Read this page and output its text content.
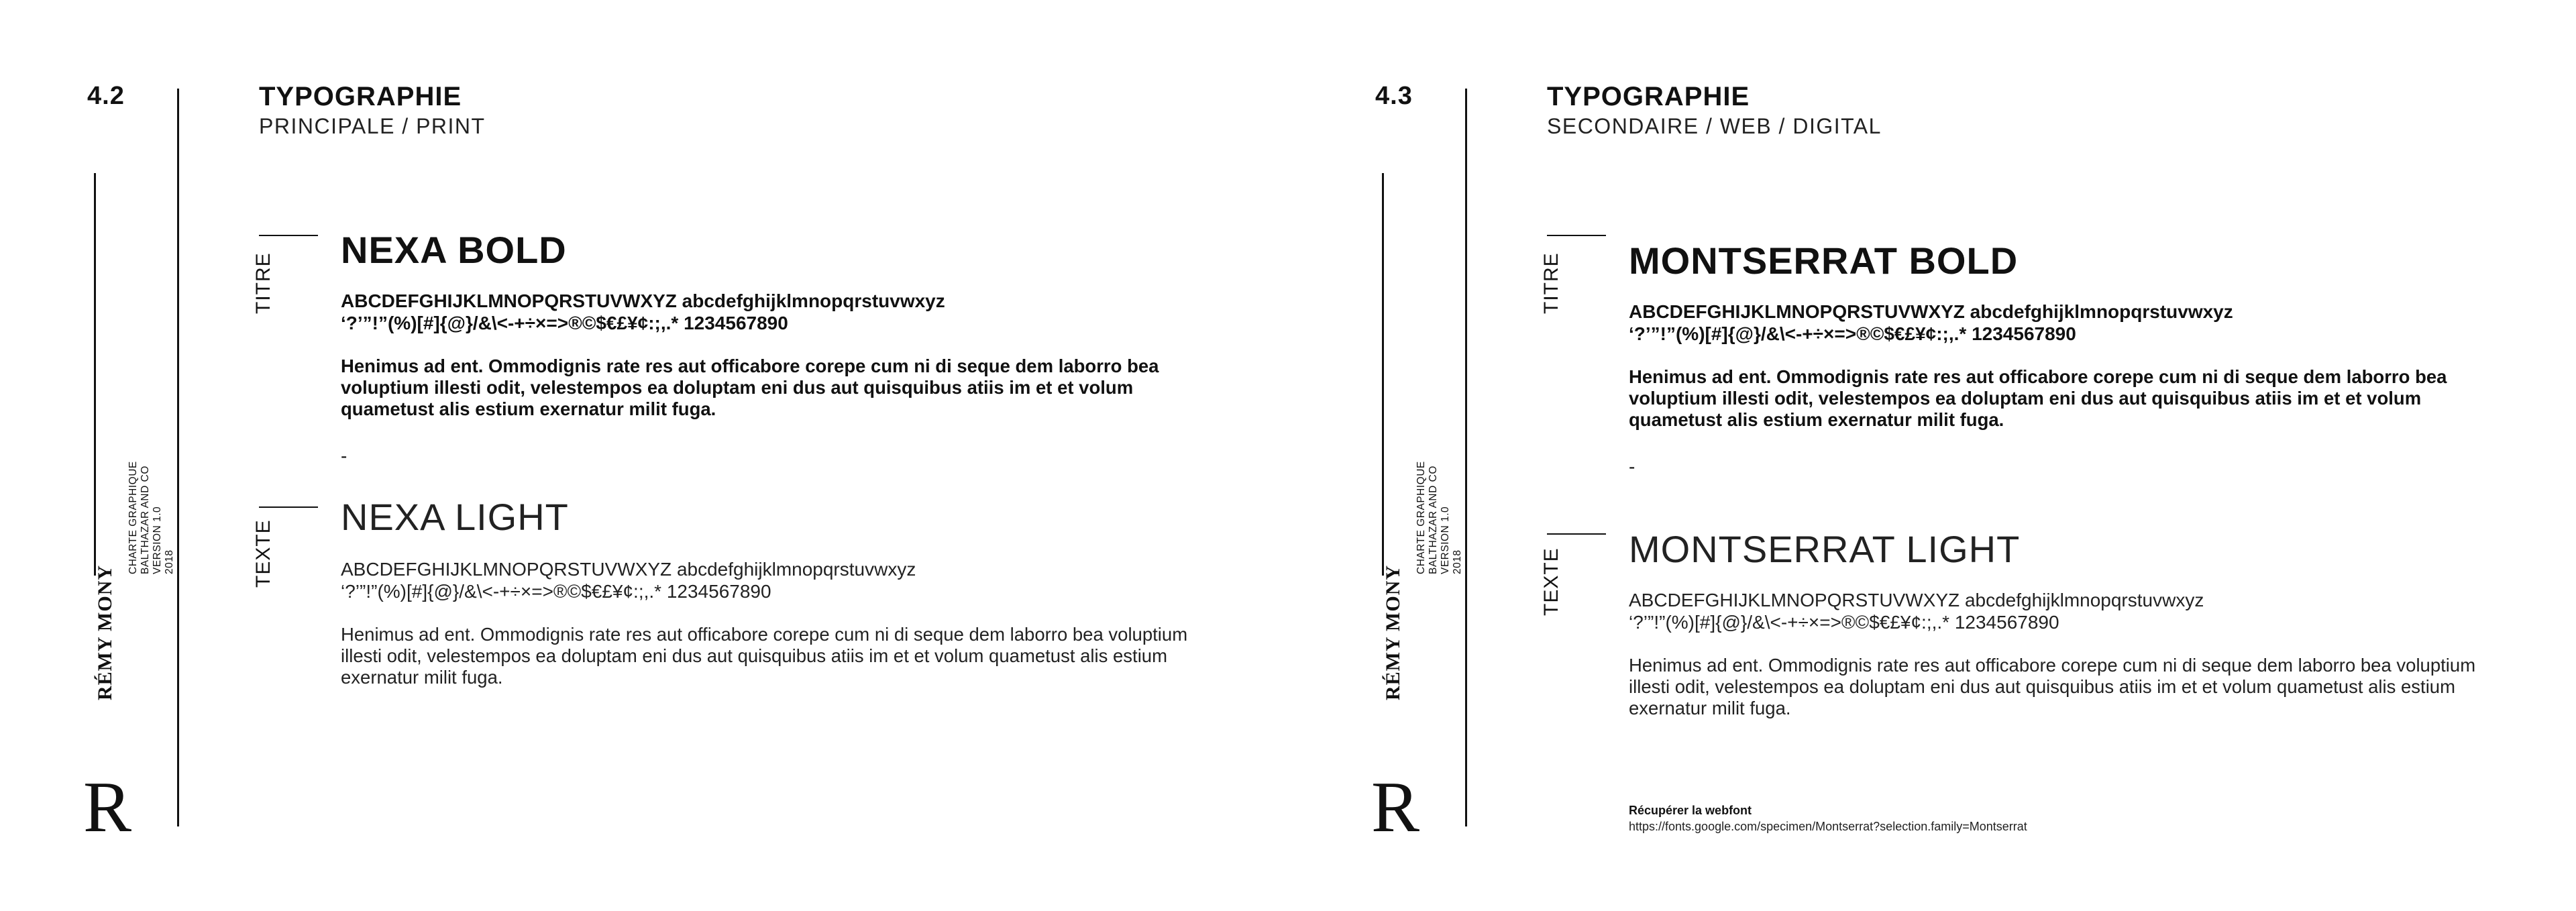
4.2
CHARTE GRAPHIQUE BALTHAZAR AND CO VERSION 1.0 2018
RÉMY MONY
R
TYPOGRAPHIE
PRINCIPALE / PRINT
TITRE
NEXA BOLD
ABCDEFGHIJKLMNOPQRSTUVWXYZ abcdefghijklmnopqrstuvwxyz
‘?’”!”(%)[#]{@}/&\<-+÷×=>®©$€£¥¢:;,.* 1234567890
Henimus ad ent. Ommodignis rate res aut officabore corepe cum ni di seque dem laborro bea voluptium illesti odit, velestempos ea doluptam eni dus aut quisquibus atiis im et et volum quametust alis estium exernatur milit fuga.
-
TEXTE
NEXA LIGHT
ABCDEFGHIJKLMNOPQRSTUVWXYZ abcdefghijklmnopqrstuvwxyz
‘?’”!”(%)[#]{@}/&\<-+÷×=>®©$€£¥¢:;,.* 1234567890
Henimus ad ent. Ommodignis rate res aut officabore corepe cum ni di seque dem laborro bea voluptium illesti odit, velestempos ea doluptam eni dus aut quisquibus atiis im et et volum quametust alis estium exernatur milit fuga.
4.3
CHARTE GRAPHIQUE BALTHAZAR AND CO VERSION 1.0 2018
RÉMY MONY
R
TYPOGRAPHIE
SECONDAIRE / WEB / DIGITAL
TITRE MONTSERRAT BOLD
ABCDEFGHIJKLMNOPQRSTUVWXYZ abcdefghijklmnopqrstuvwxyz
‘?’”!”(%)[#]{@}/&\<-+÷×=>®©$€£¥¢:;,.* 1234567890
Henimus ad ent. Ommodignis rate res aut officabore corepe cum ni di seque dem laborro bea voluptium illesti odit, velestempos ea doluptam eni dus aut quisquibus atiis im et et volum quametust alis estium exernatur milit fuga.
-
TEXTE MONTSERRAT LIGHT
ABCDEFGHIJKLMNOPQRSTUVWXYZ abcdefghijklmnopqrstuvwxyz
‘?’”!”(%)[#]{@}/&\<-+÷×=>®©$€£¥¢:;,.* 1234567890
Henimus ad ent. Ommodignis rate res aut officabore corepe cum ni di seque dem laborro bea voluptium illesti odit, velestempos ea doluptam eni dus aut quisquibus atiis im et et volum quametust alis estium exernatur milit fuga.
Récupérer la webfont
https://fonts.google.com/specimen/Montserrat?selection.family=Montserrat
